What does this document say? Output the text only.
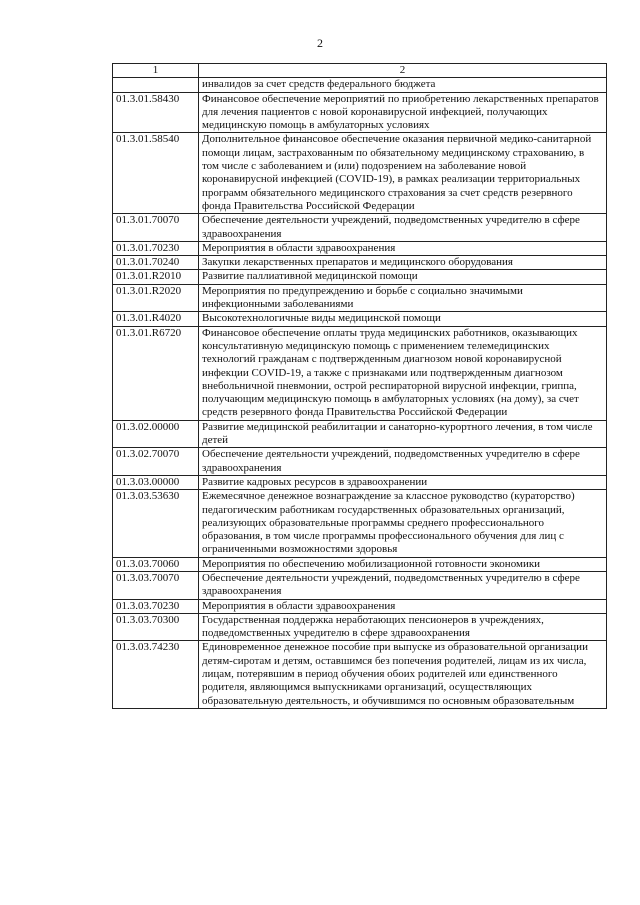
2
1	2
	инвалидов за счет средств федерального бюджета
01.3.01.58430	Финансовое обеспечение мероприятий по приобретению лекарственных препаратов для лечения пациентов с новой коронавирусной инфекцией, получающих медицинскую помощь в амбулаторных условиях
01.3.01.58540	Дополнительное финансовое обеспечение оказания первичной медико-санитарной помощи лицам, застрахованным по обязательному медицинскому страхованию, в том числе с заболеванием и (или) подозрением на заболевание новой коронавирусной инфекцией (COVID-19), в рамках реализации территориальных программ обязательного медицинского страхования за счет средств резервного фонда Правительства Российской Федерации
01.3.01.70070	Обеспечение деятельности учреждений, подведомственных учредителю в сфере здравоохранения
01.3.01.70230	Мероприятия в области здравоохранения
01.3.01.70240	Закупки лекарственных препаратов и медицинского оборудования
01.3.01.R2010	Развитие паллиативной медицинской помощи
01.3.01.R2020	Мероприятия по предупреждению и борьбе с социально значимыми инфекционными заболеваниями
01.3.01.R4020	Высокотехнологичные виды медицинской помощи
01.3.01.R6720	Финансовое обеспечение оплаты труда медицинских работников, оказывающих консультативную медицинскую помощь с применением телемедицинских технологий гражданам с подтвержденным диагнозом новой коронавирусной инфекции COVID-19, а также с признаками или подтвержденным диагнозом внебольничной пневмонии, острой респираторной вирусной инфекции, гриппа, получающим медицинскую помощь в амбулаторных условиях (на дому), за счет средств резервного фонда Правительства Российской Федерации
01.3.02.00000	Развитие медицинской реабилитации и санаторно-курортного лечения, в том числе детей
01.3.02.70070	Обеспечение деятельности учреждений, подведомственных учредителю в сфере здравоохранения
01.3.03.00000	Развитие кадровых ресурсов в здравоохранении
01.3.03.53630	Ежемесячное денежное вознаграждение за классное руководство (кураторство) педагогическим работникам государственных образовательных организаций, реализующих образовательные программы среднего профессионального образования, в том числе программы профессионального обучения для лиц с ограниченными возможностями здоровья
01.3.03.70060	Мероприятия по обеспечению мобилизационной готовности экономики
01.3.03.70070	Обеспечение деятельности учреждений, подведомственных учредителю в сфере здравоохранения
01.3.03.70230	Мероприятия в области здравоохранения
01.3.03.70300	Государственная поддержка неработающих пенсионеров в учреждениях, подведомственных учредителю в сфере здравоохранения
01.3.03.74230	Единовременное денежное пособие при выпуске из образовательной организации детям-сиротам и детям, оставшимся без попечения родителей, лицам из их числа, лицам, потерявшим в период обучения обоих родителей или единственного родителя, являющимся выпускниками организаций, осуществляющих образовательную деятельность, и обучившимся по основным образовательным
